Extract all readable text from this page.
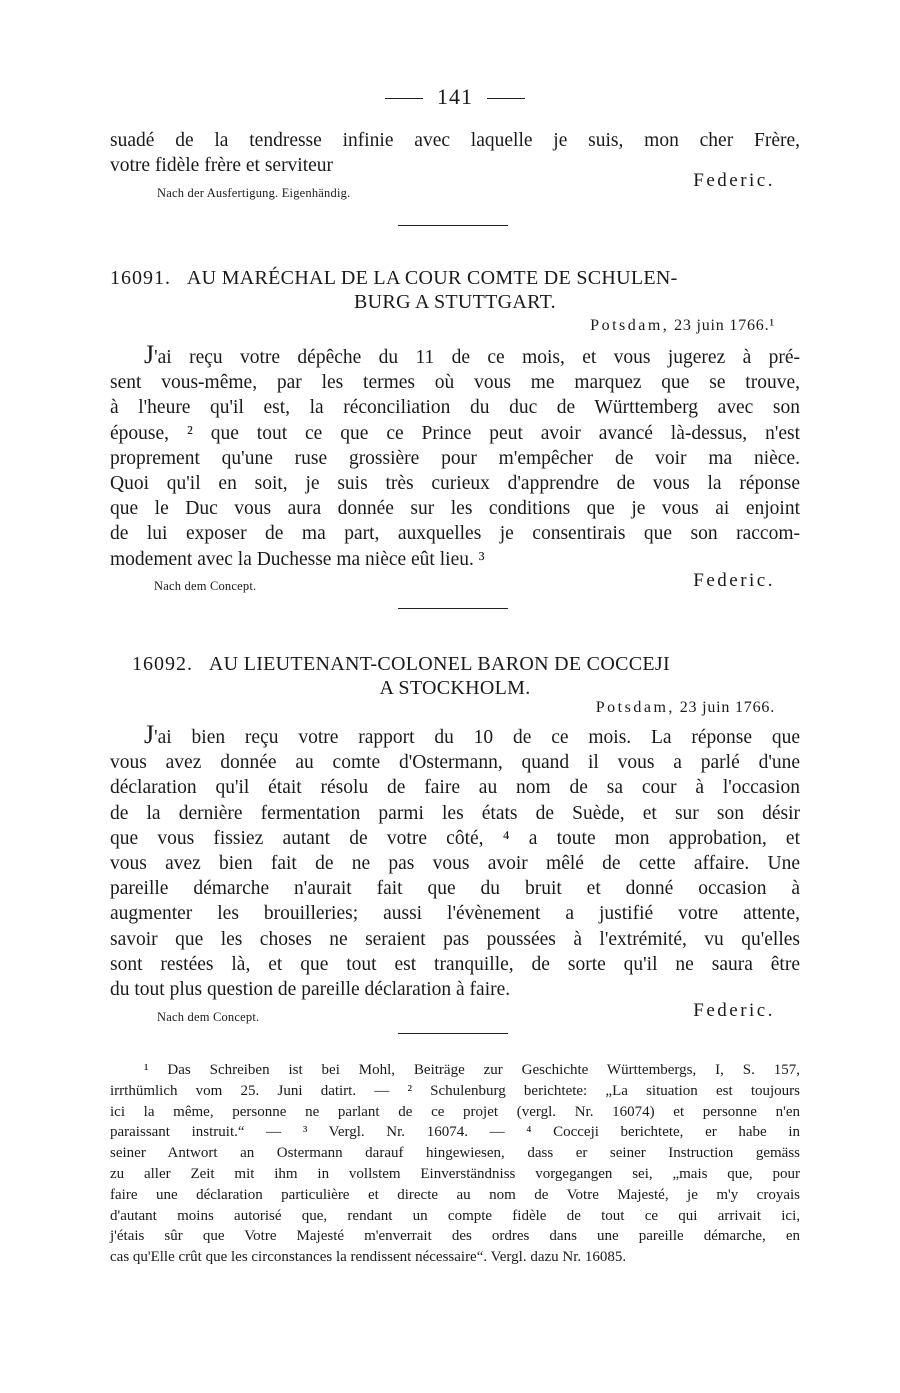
141
suadé de la tendresse infinie avec laquelle je suis, mon cher Frère,
votre fidèle frère et serviteur
Federic.
Nach der Ausfertigung. Eigenhändig.
16091. AU MARÉCHAL DE LA COUR COMTE DE SCHULEN-
BURG A STUTTGART.
Potsdam, 23 juin 1766.¹
J'ai reçu votre dépêche du 11 de ce mois, et vous jugerez à pré-
sent vous-même, par les termes où vous me marquez que se trouve,
à l'heure qu'il est, la réconciliation du duc de Württemberg avec son
épouse, ² que tout ce que ce Prince peut avoir avancé là-dessus, n'est
proprement qu'une ruse grossière pour m'empêcher de voir ma nièce.
Quoi qu'il en soit, je suis très curieux d'apprendre de vous la réponse
que le Duc vous aura donnée sur les conditions que je vous ai enjoint
de lui exposer de ma part, auxquelles je consentirais que son raccom-
modement avec la Duchesse ma nièce eût lieu. ³
Nach dem Concept.	Federic.
16092. AU LIEUTENANT-COLONEL BARON DE COCCEJI
A STOCKHOLM.
Potsdam, 23 juin 1766.
J'ai bien reçu votre rapport du 10 de ce mois. La réponse que
vous avez donnée au comte d'Ostermann, quand il vous a parlé d'une
déclaration qu'il était résolu de faire au nom de sa cour à l'occasion
de la dernière fermentation parmi les états de Suède, et sur son désir
que vous fissiez autant de votre côté, ⁴ a toute mon approbation, et
vous avez bien fait de ne pas vous avoir mêlé de cette affaire. Une
pareille démarche n'aurait fait que du bruit et donné occasion à
augmenter les brouilleries; aussi l'évènement a justifié votre attente,
savoir que les choses ne seraient pas poussées à l'extrémité, vu qu'elles
sont restées là, et que tout est tranquille, de sorte qu'il ne saura être
du tout plus question de pareille déclaration à faire.
Nach dem Concept.	Federic.
¹ Das Schreiben ist bei Mohl, Beiträge zur Geschichte Württembergs, I, S. 157,
irrthümlich vom 25. Juni datirt. — ² Schulenburg berichtete: „La situation est toujours
ici la même, personne ne parlant de ce projet (vergl. Nr. 16074) et personne n'en
paraissant instruit.“ — ³ Vergl. Nr. 16074. — ⁴ Cocceji berichtete, er habe in
seiner Antwort an Ostermann darauf hingewiesen, dass er seiner Instruction gemäss
zu aller Zeit mit ihm in vollstem Einverständniss vorgegangen sei, „mais que, pour
faire une déclaration particulière et directe au nom de Votre Majesté, je m'y croyais
d'autant moins autorisé que, rendant un compte fidèle de tout ce qui arrivait ici,
j'étais sûr que Votre Majesté m'enverrait des ordres dans une pareille démarche, en
cas qu'Elle crût que les circonstances la rendissent nécessaire“. Vergl. dazu Nr. 16085.
